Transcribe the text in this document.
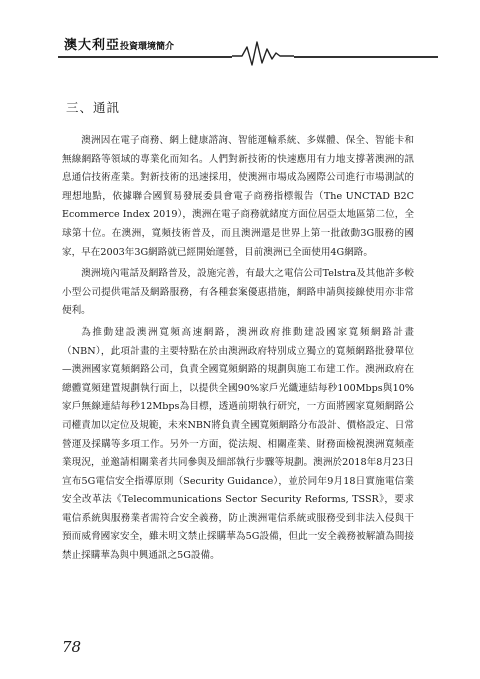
澳大利亞投資環境簡介
三、通訊

澳洲因在電子商務、網上健康諮詢、智能運輸系統、多媒體、保全、智能卡和無線網路等領域的專業化而知名。人們對新技術的快速應用有力地支撐著澳洲的訊息通信技術產業。對新技術的迅速採用，使澳洲市場成為國際公司進行市場測試的理想地點，依據聯合國貿易發展委員會電子商務指標報告（The UNCTAD B2C Ecommerce Index 2019），澳洲在電子商務就緒度方面位居亞太地區第二位，全球第十位。在澳洲，寬頻技術普及，而且澳洲還是世界上第一批啟動3G服務的國家，早在2003年3G網路就已經開始運營，目前澳洲已全面使用4G網路。

澳洲境內電話及網路普及，設施完善，有最大之電信公司Telstra及其他許多較小型公司提供電話及網路服務，有各種套案優惠措施，網路申請與接線使用亦非常便利。

為推動建設澳洲寬頻高速網路，澳洲政府推動建設國家寬頻網路計畫（NBN），此項計畫的主要特點在於由澳洲政府特別成立獨立的寬頻網路批發單位—澳洲國家寬頻網路公司，負責全國寬頻網路的規劃與施工布建工作。澳洲政府在總體寬頻建置規劃執行面上，以提供全國90%家戶光纖連結每秒100Mbps與10%家戶無線連結每秒12Mbps為目標，透過前期執行研究，一方面將國家寬頻網路公司權責加以定位及規範，未來NBN將負責全國寬頻網路分布設計、價格設定、日常營運及採購等多項工作。另外一方面，從法規、相關產業、財務面檢視澳洲寬頻產業現況，並邀請相關業者共同參與及細部執行步驟等規劃。澳洲於2018年8月23日宣布5G電信安全指導原則（Security Guidance），並於同年9月18日實施電信業安全改革法《Telecommunications Sector Security Reforms, TSSR》，要求電信系統與服務業者需符合安全義務，防止澳洲電信系統或服務受到非法入侵與干預而威脅國家安全，雖未明文禁止採購華為5G設備，但此一安全義務被解讀為間接禁止採購華為與中興通訊之5G設備。

78
